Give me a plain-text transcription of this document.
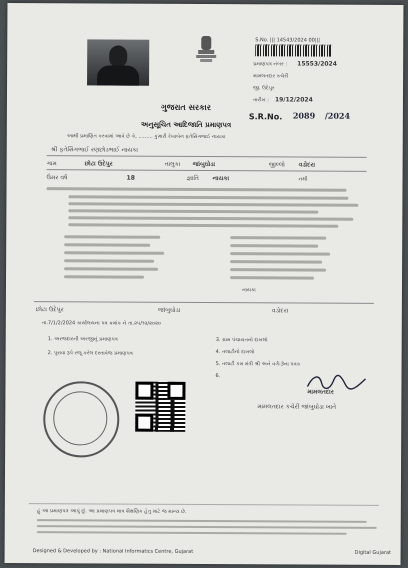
S.No. ||| 14543/2024 00|||
પ્રમાણપત્ર નંબર : 15553/2024
મામલતદાર કચેરી
જી. ઉદેપુર
તારીખ : 19/12/2024
ગુજરાત સરકાર
S.R.No. 2089 /2024
અનુસૂચિત આદિજાતિ પ્રમાણપત્ર
આથી પ્રમાણિત કરવામાં આવે છે કે, ......... કુમારી રેખાબેન ફતેસિંગભાઈ નાયકા
શ્રી ફતેસિંગભાઈ રણછોડભાઈ નાયકા
ગામ	છોટા ઉદેપુર	તાલુકા જાંબુઘોડા	જીલ્લો વડોદરા
ઉંમર વર્ષ	18	જ્ઞાતિ નાયકા	નથી
નાયકા
છોટા ઉદેપુર	જાંબુઘોડા	વડોદરા
તા.7/1/2/2024 કાર્યાલયના પત્ર ક્રમાંક ને તા.૨૫/૧૨/૨૦૨૦
1. અરજદારની અરજીનું પ્રમાણપત્ર
2. પુરાવા રૂપે રજૂ કરેલ દસ્તાવેજ પ્રમાણપત્ર
3. ગ્રામ પંચાયતનો દાખલો
4. તલાટીનો દાખલો
5. તલાટી કમ મંત્રી શ્રી અને વર્ગ-3ના પત્રક
6.
મામલતદાર
મામલતદાર કચેરી જાંબુઘોડા ખાતે
હું આ પ્રમાણપત્ર આપું છું. આ પ્રમાણપત્ર માત્ર શૈક્ષણિક હેતુ માટે જ માન્ય છે.
Designed & Developed by : National Informatics Centre, Gujarat	Digital Gujarat
